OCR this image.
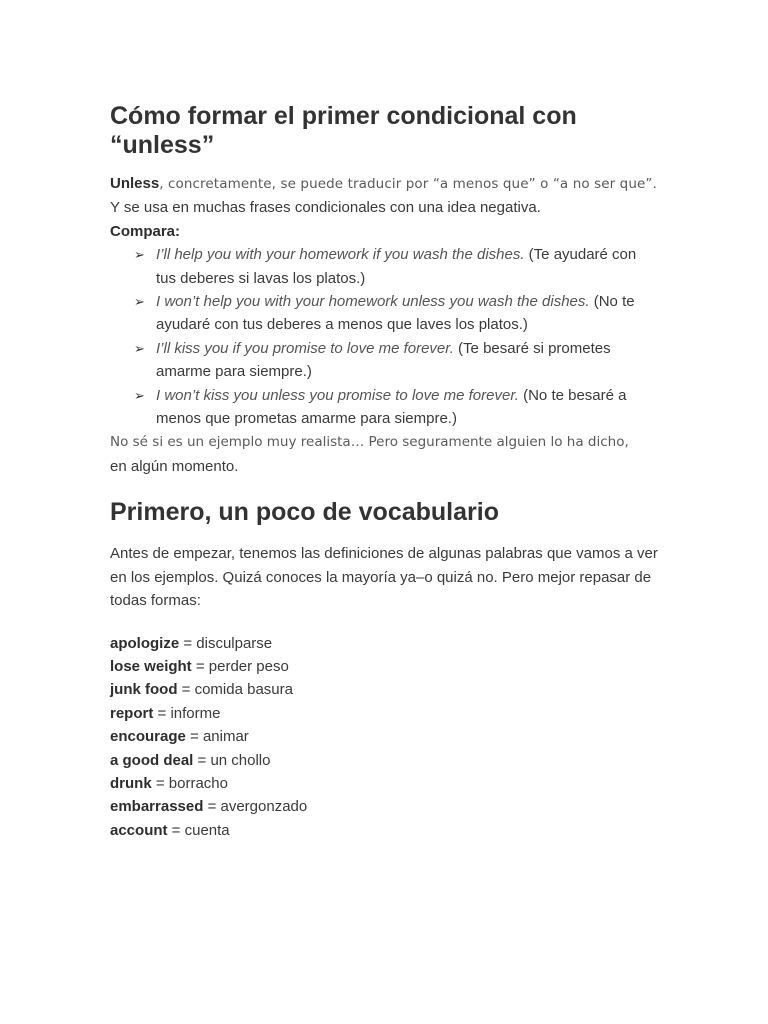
Cómo formar el primer condicional con “unless”
Unless, concretamente, se puede traducir por “a menos que” o “a no ser que”.
Y se usa en muchas frases condicionales con una idea negativa.
Compara:
➢ I’ll help you with your homework if you wash the dishes. (Te ayudaré con tus deberes si lavas los platos.)
➢ I won’t help you with your homework unless you wash the dishes. (No te ayudaré con tus deberes a menos que laves los platos.)
➢ I’ll kiss you if you promise to love me forever. (Te besaré si prometes amarme para siempre.)
➢ I won’t kiss you unless you promise to love me forever. (No te besaré a menos que prometas amarme para siempre.)
No sé si es un ejemplo muy realista… Pero seguramente alguien lo ha dicho,
en algún momento.
Primero, un poco de vocabulario
Antes de empezar, tenemos las definiciones de algunas palabras que vamos a ver en los ejemplos. Quizá conoces la mayoría ya–o quizá no. Pero mejor repasar de todas formas:
apologize = disculparse
lose weight = perder peso
junk food = comida basura
report = informe
encourage = animar
a good deal = un chollo
drunk = borracho
embarrassed = avergonzado
account = cuenta
